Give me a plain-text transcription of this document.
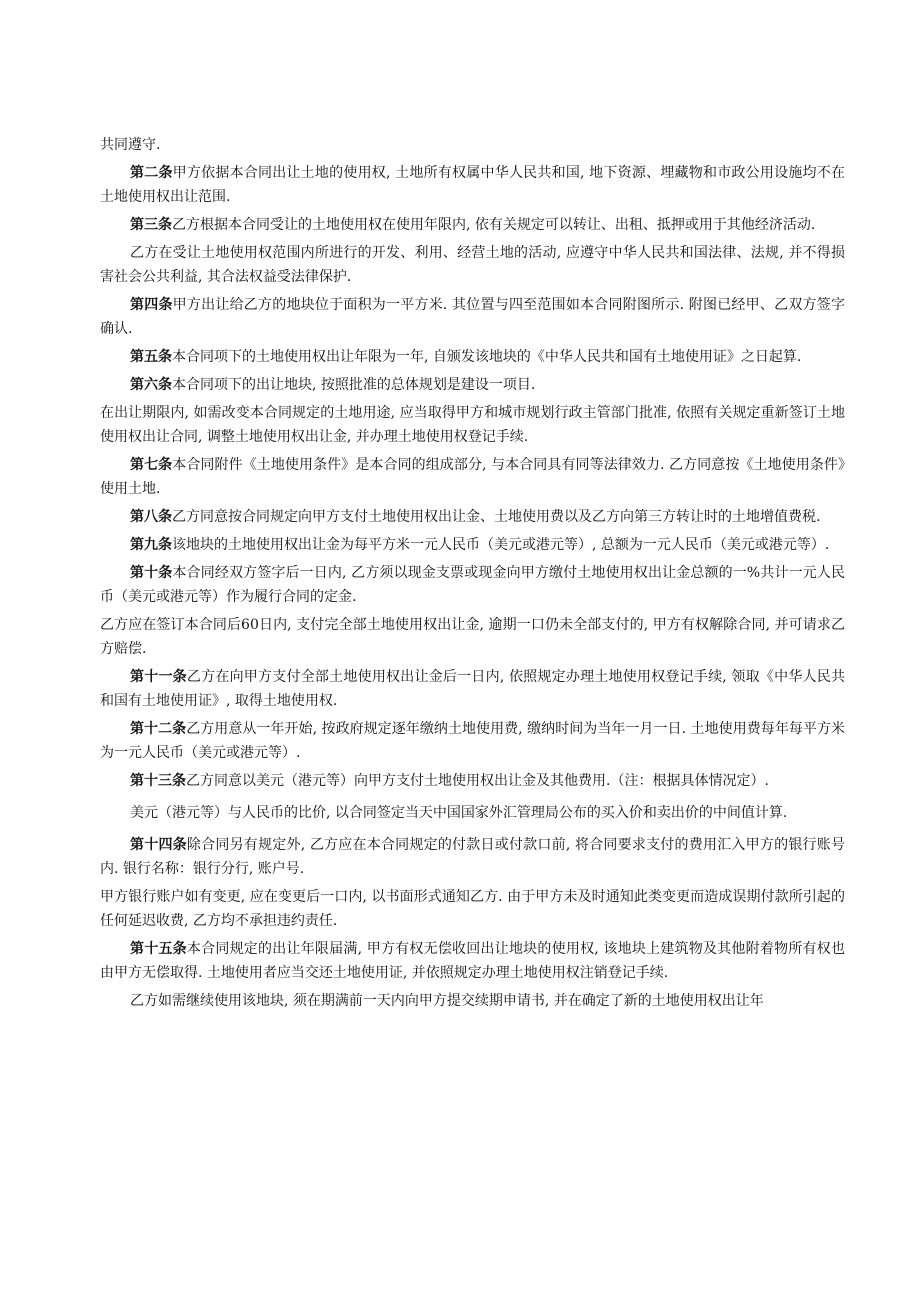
共同遵守.

第二条甲方依据本合同出让土地的使用权, 土地所有权属中华人民共和国, 地下资源、埋藏物和市政公用设施均不在土地使用权出让范围.

第三条乙方根据本合同受让的土地使用权在使用年限内, 依有关规定可以转让、出租、抵押或用于其他经济活动.

乙方在受让土地使用权范围内所进行的开发、利用、经营土地的活动, 应遵守中华人民共和国法律、法规, 并不得损害社会公共利益, 其合法权益受法律保护.

第四条甲方出让给乙方的地块位于面积为一平方米. 其位置与四至范围如本合同附图所示. 附图已经甲、乙双方签字确认.

第五条本合同项下的土地使用权出让年限为一年, 自颁发该地块的《中华人民共和国有土地使用证》之日起算.

第六条本合同项下的出让地块, 按照批准的总体规划是建设一项目.

在出让期限内, 如需改变本合同规定的土地用途, 应当取得甲方和城市规划行政主管部门批准, 依照有关规定重新签订土地使用权出让合同, 调整土地使用权出让金, 并办理土地使用权登记手续.

第七条本合同附件《土地使用条件》是本合同的组成部分, 与本合同具有同等法律效力. 乙方同意按《土地使用条件》使用土地.

第八条乙方同意按合同规定向甲方支付土地使用权出让金、土地使用费以及乙方向第三方转让时的土地增值费税.

第九条该地块的土地使用权出让金为每平方米一元人民币（美元或港元等）, 总额为一元人民币（美元或港元等）.

第十条本合同经双方签字后一日内, 乙方须以现金支票或现金向甲方缴付土地使用权出让金总额的一%共计一元人民币（美元或港元等）作为履行合同的定金.

乙方应在签订本合同后60日内, 支付完全部土地使用权出让金, 逾期一口仍未全部支付的, 甲方有权解除合同, 并可请求乙方赔偿.

第十一条乙方在向甲方支付全部土地使用权出让金后一日内, 依照规定办理土地使用权登记手续, 领取《中华人民共和国有土地使用证》, 取得土地使用权.

第十二条乙方用意从一年开始, 按政府规定逐年缴纳土地使用费, 缴纳时间为当年一月一日. 土地使用费每年每平方米为一元人民币（美元或港元等）.

第十三条乙方同意以美元（港元等）向甲方支付土地使用权出让金及其他费用.（注：根据具体情况定）.

美元（港元等）与人民币的比价, 以合同签定当天中国国家外汇管理局公布的买入价和卖出价的中间值计算.

第十四条除合同另有规定外, 乙方应在本合同规定的付款日或付款口前, 将合同要求支付的费用汇入甲方的银行账号内. 银行名称：银行分行, 账户号.

甲方银行账户如有变更, 应在变更后一口内, 以书面形式通知乙方. 由于甲方未及时通知此类变更而造成误期付款所引起的任何延迟收费, 乙方均不承担违约责任.

第十五条本合同规定的出让年限届满, 甲方有权无偿收回出让地块的使用权, 该地块上建筑物及其他附着物所有权也由甲方无偿取得. 土地使用者应当交还土地使用证, 并依照规定办理土地使用权注销登记手续.

乙方如需继续使用该地块, 须在期满前一天内向甲方提交续期申请书, 并在确定了新的土地使用权出让年
